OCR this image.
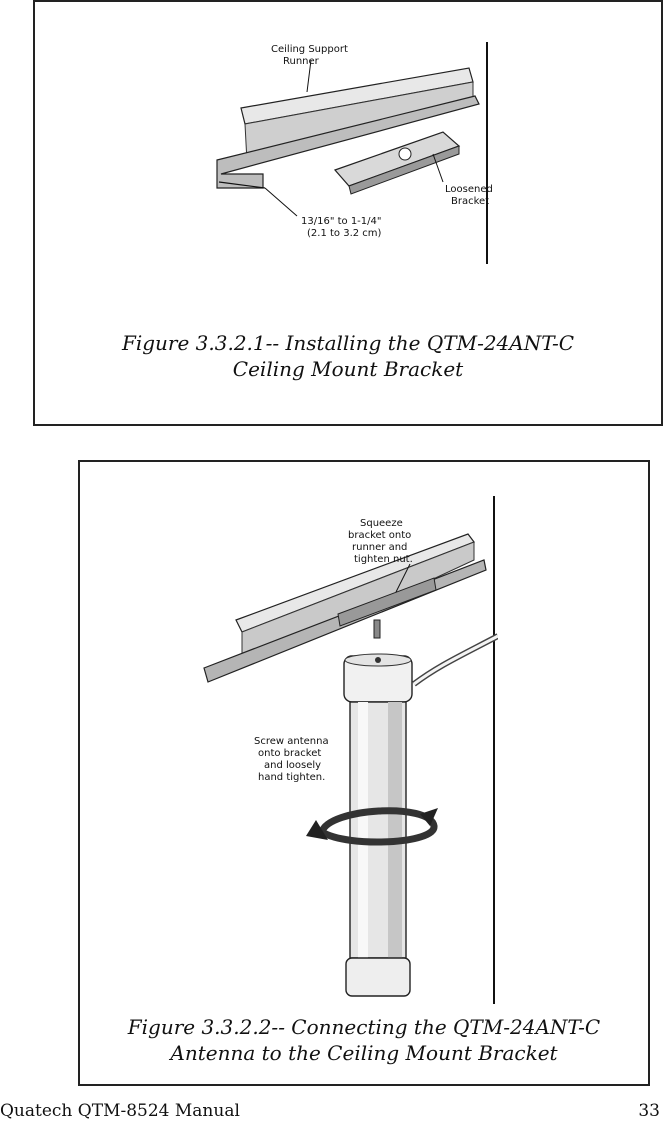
Ceiling Support
Runner
Loosened
Bracket
13/16" to 1-1/4"
(2.1 to 3.2 cm)
Figure 3.3.2.1-- Installing the QTM-24ANT-C
Ceiling Mount Bracket
Squeeze
bracket onto
runner and
tighten nut.
Screw antenna
onto bracket
and loosely
hand tighten.
Figure 3.3.2.2-- Connecting the QTM-24ANT-C
Antenna to the Ceiling Mount Bracket
Quatech QTM-8524 Manual	33
